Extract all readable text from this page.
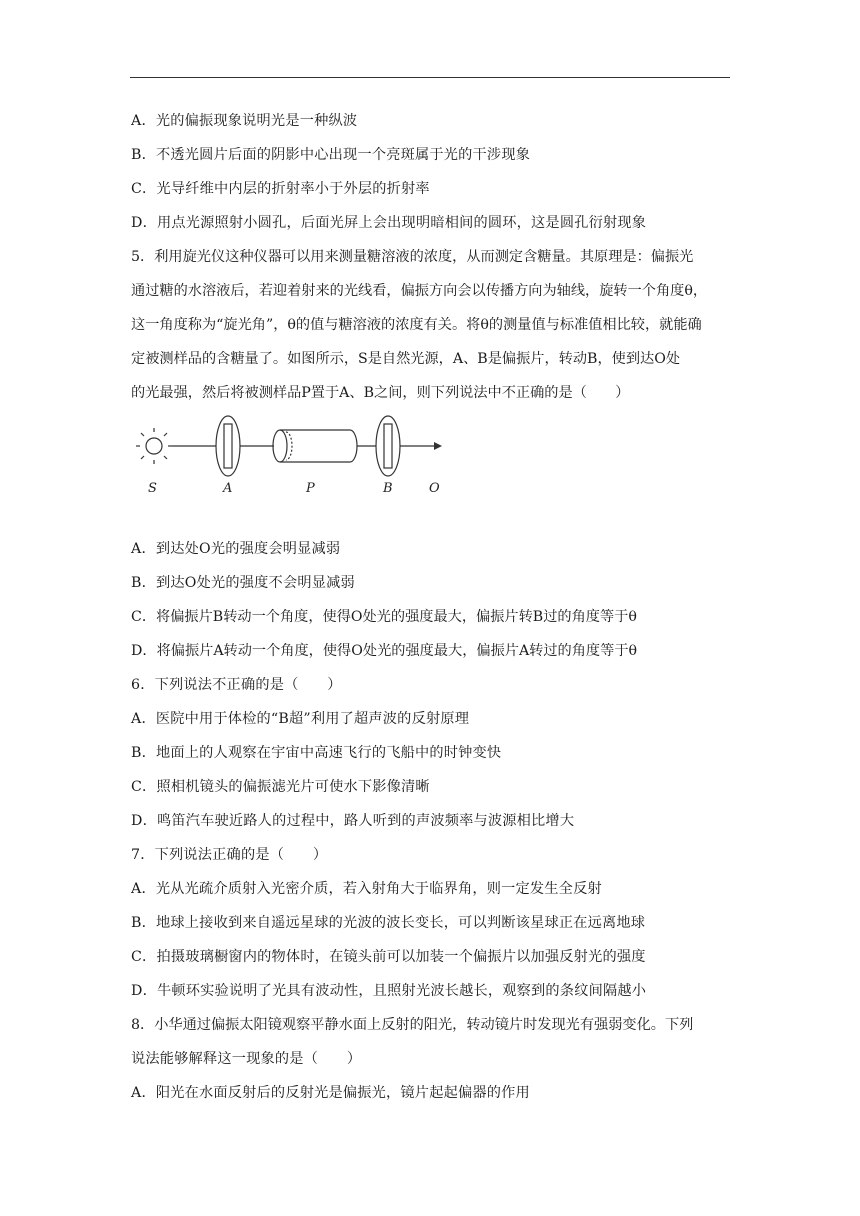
A．光的偏振现象说明光是一种纵波
B．不透光圆片后面的阴影中心出现一个亮斑属于光的干涉现象
C．光导纤维中内层的折射率小于外层的折射率
D．用点光源照射小圆孔，后面光屏上会出现明暗相间的圆环，这是圆孔衍射现象
5．利用旋光仪这种仪器可以用来测量糖溶液的浓度，从而测定含糖量。其原理是：偏振光
通过糖的水溶液后，若迎着射来的光线看，偏振方向会以传播方向为轴线，旋转一个角度θ，
这一角度称为“旋光角”，θ的值与糖溶液的浓度有关。将θ的测量值与标准值相比较，就能确
定被测样品的含糖量了。如图所示，S是自然光源，A、B是偏振片，转动B，使到达O处
的光最强，然后将被测样品P置于A、B之间，则下列说法中不正确的是（　　）
S	A	P	B	O
A．到达处O光的强度会明显减弱
B．到达O处光的强度不会明显减弱
C．将偏振片B转动一个角度，使得O处光的强度最大，偏振片转B过的角度等于θ
D．将偏振片A转动一个角度，使得O处光的强度最大，偏振片A转过的角度等于θ
6．下列说法不正确的是（　　）
A．医院中用于体检的“B超”利用了超声波的反射原理
B．地面上的人观察在宇宙中高速飞行的飞船中的时钟变快
C．照相机镜头的偏振滤光片可使水下影像清晰
D．鸣笛汽车驶近路人的过程中，路人听到的声波频率与波源相比增大
7．下列说法正确的是（　　）
A．光从光疏介质射入光密介质，若入射角大于临界角，则一定发生全反射
B．地球上接收到来自遥远星球的光波的波长变长，可以判断该星球正在远离地球
C．拍摄玻璃橱窗内的物体时，在镜头前可以加装一个偏振片以加强反射光的强度
D．牛顿环实验说明了光具有波动性，且照射光波长越长，观察到的条纹间隔越小
8．小华通过偏振太阳镜观察平静水面上反射的阳光，转动镜片时发现光有强弱变化。下列
说法能够解释这一现象的是（　　）
A．阳光在水面反射后的反射光是偏振光，镜片起起偏器的作用
